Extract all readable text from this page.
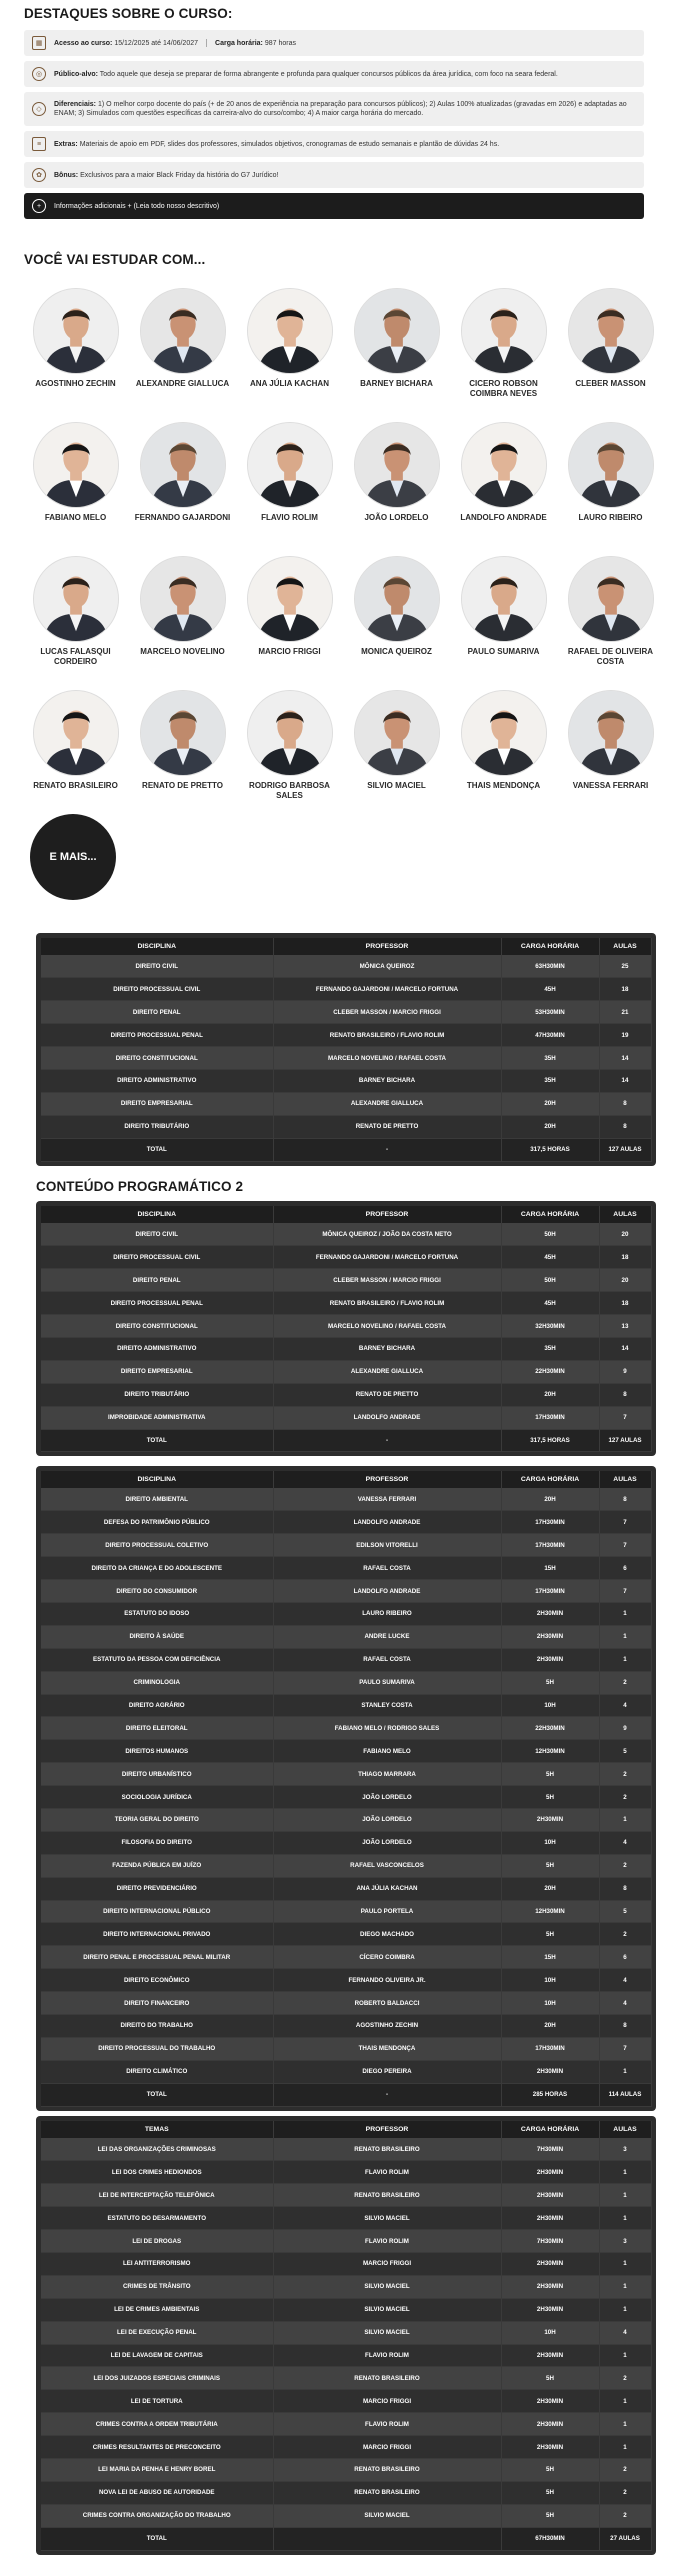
DESTAQUES SOBRE O CURSO:
▦	Acesso ao curso: 15/12/2025 até 14/06/2027 Carga horária: 987 horas
◎	Público-alvo: Todo aquele que deseja se preparar de forma abrangente e profunda para qualquer concursos públicos da área jurídica, com foco na seara federal.
◇
Diferenciais: 1) O melhor corpo docente do país (+ de 20 anos de experiência na preparação para concursos públicos); 2) Aulas 100% atualizadas (gravadas em 2026) e adaptadas ao ENAM; 3) Simulados com questões específicas da carreira-alvo do curso/combo; 4) A maior carga horária do mercado.
≡	Extras: Materiais de apoio em PDF, slides dos professores, simulados objetivos, cronogramas de estudo semanais e plantão de dúvidas 24 hs.
✿	Bônus: Exclusivos para a maior Black Friday da história do G7 Jurídico!
+	Informações adicionais + (Leia todo nosso descritivo)
VOCÊ VAI ESTUDAR COM...
AGOSTINHO ZECHIN	ALEXANDRE GIALLUCA	ANA JÚLIA KACHAN	BARNEY BICHARA	CICERO ROBSON COIMBRA NEVES
CLEBER MASSON
FABIANO MELO	FERNANDO GAJARDONI	FLAVIO ROLIM	JOÃO LORDELO	LANDOLFO ANDRADE	LAURO RIBEIRO
LUCAS FALASQUI CORDEIRO
MARCELO NOVELINO	MARCIO FRIGGI	MONICA QUEIROZ	PAULO SUMARIVA	RAFAEL DE OLIVEIRA COSTA
RENATO BRASILEIRO	RENATO DE PRETTO	RODRIGO BARBOSA SALES
SILVIO MACIEL	THAIS MENDONÇA	VANESSA FERRARI
E MAIS...
DISCIPLINA	PROFESSOR	CARGA HORÁRIA	AULAS
DIREITO CIVIL	MÔNICA QUEIROZ	63H30MIN	25
DIREITO PROCESSUAL CIVIL	FERNANDO GAJARDONI / MARCELO FORTUNA	45H	18
DIREITO PENAL	CLEBER MASSON / MARCIO FRIGGI	53H30MIN	21
DIREITO PROCESSUAL PENAL	RENATO BRASILEIRO / FLAVIO ROLIM	47H30MIN	19
DIREITO CONSTITUCIONAL	MARCELO NOVELINO / RAFAEL COSTA	35H	14
DIREITO ADMINISTRATIVO	BARNEY BICHARA	35H	14
DIREITO EMPRESARIAL	ALEXANDRE GIALLUCA	20H	8
DIREITO TRIBUTÁRIO	RENATO DE PRETTO	20H	8
TOTAL	-	317,5 HORAS	127 AULAS
CONTEÚDO PROGRAMÁTICO 2
DISCIPLINA	PROFESSOR	CARGA HORÁRIA	AULAS
DIREITO CIVIL	MÔNICA QUEIROZ / JOÃO DA COSTA NETO	50H	20
DIREITO PROCESSUAL CIVIL	FERNANDO GAJARDONI / MARCELO FORTUNA	45H	18
DIREITO PENAL	CLEBER MASSON / MARCIO FRIGGI	50H	20
DIREITO PROCESSUAL PENAL	RENATO BRASILEIRO / FLAVIO ROLIM	45H	18
DIREITO CONSTITUCIONAL	MARCELO NOVELINO / RAFAEL COSTA	32H30MIN	13
DIREITO ADMINISTRATIVO	BARNEY BICHARA	35H	14
DIREITO EMPRESARIAL	ALEXANDRE GIALLUCA	22H30MIN	9
DIREITO TRIBUTÁRIO	RENATO DE PRETTO	20H	8
IMPROBIDADE ADMINISTRATIVA	LANDOLFO ANDRADE	17H30MIN	7
TOTAL	-	317,5 HORAS	127 AULAS
DISCIPLINA	PROFESSOR	CARGA HORÁRIA	AULAS
DIREITO AMBIENTAL	VANESSA FERRARI	20H	8
DEFESA DO PATRIMÔNIO PÚBLICO	LANDOLFO ANDRADE	17H30MIN	7
DIREITO PROCESSUAL COLETIVO	EDILSON VITORELLI	17H30MIN	7
DIREITO DA CRIANÇA E DO ADOLESCENTE	RAFAEL COSTA	15H	6
DIREITO DO CONSUMIDOR	LANDOLFO ANDRADE	17H30MIN	7
ESTATUTO DO IDOSO	LAURO RIBEIRO	2H30MIN	1
DIREITO À SAÚDE	ANDRE LUCKE	2H30MIN	1
ESTATUTO DA PESSOA COM DEFICIÊNCIA	RAFAEL COSTA	2H30MIN	1
CRIMINOLOGIA	PAULO SUMARIVA	5H	2
DIREITO AGRÁRIO	STANLEY COSTA	10H	4
DIREITO ELEITORAL	FABIANO MELO / RODRIGO SALES	22H30MIN	9
DIREITOS HUMANOS	FABIANO MELO	12H30MIN	5
DIREITO URBANÍSTICO	THIAGO MARRARA	5H	2
SOCIOLOGIA JURÍDICA	JOÃO LORDELO	5H	2
TEORIA GERAL DO DIREITO	JOÃO LORDELO	2H30MIN	1
FILOSOFIA DO DIREITO	JOÃO LORDELO	10H	4
FAZENDA PÚBLICA EM JUÍZO	RAFAEL VASCONCELOS	5H	2
DIREITO PREVIDENCIÁRIO	ANA JÚLIA KACHAN	20H	8
DIREITO INTERNACIONAL PÚBLICO	PAULO PORTELA	12H30MIN	5
DIREITO INTERNACIONAL PRIVADO	DIEGO MACHADO	5H	2
DIREITO PENAL E PROCESSUAL PENAL MILITAR	CÍCERO COIMBRA	15H	6
DIREITO ECONÔMICO	FERNANDO OLIVEIRA JR.	10H	4
DIREITO FINANCEIRO	ROBERTO BALDACCI	10H	4
DIREITO DO TRABALHO	AGOSTINHO ZECHIN	20H	8
DIREITO PROCESSUAL DO TRABALHO	THAIS MENDONÇA	17H30MIN	7
DIREITO CLIMÁTICO	DIEGO PEREIRA	2H30MIN	1
TOTAL	-	285 HORAS	114 AULAS
TEMAS	PROFESSOR	CARGA HORÁRIA	AULAS
LEI DAS ORGANIZAÇÕES CRIMINOSAS	RENATO BRASILEIRO	7H30MIN	3
LEI DOS CRIMES HEDIONDOS	FLAVIO ROLIM	2H30MIN	1
LEI DE INTERCEPTAÇÃO TELEFÔNICA	RENATO BRASILEIRO	2H30MIN	1
ESTATUTO DO DESARMAMENTO	SILVIO MACIEL	2H30MIN	1
LEI DE DROGAS	FLAVIO ROLIM	7H30MIN	3
LEI ANTITERRORISMO	MARCIO FRIGGI	2H30MIN	1
CRIMES DE TRÂNSITO	SILVIO MACIEL	2H30MIN	1
LEI DE CRIMES AMBIENTAIS	SILVIO MACIEL	2H30MIN	1
LEI DE EXECUÇÃO PENAL	SILVIO MACIEL	10H	4
LEI DE LAVAGEM DE CAPITAIS	FLAVIO ROLIM	2H30MIN	1
LEI DOS JUIZADOS ESPECIAIS CRIMINAIS	RENATO BRASILEIRO	5H	2
LEI DE TORTURA	MARCIO FRIGGI	2H30MIN	1
CRIMES CONTRA A ORDEM TRIBUTÁRIA	FLAVIO ROLIM	2H30MIN	1
CRIMES RESULTANTES DE PRECONCEITO	MARCIO FRIGGI	2H30MIN	1
LEI MARIA DA PENHA E HENRY BOREL	RENATO BRASILEIRO	5H	2
NOVA LEI DE ABUSO DE AUTORIDADE	RENATO BRASILEIRO	5H	2
CRIMES CONTRA ORGANIZAÇÃO DO TRABALHO	SILVIO MACIEL	5H	2
TOTAL		67H30MIN	27 AULAS
